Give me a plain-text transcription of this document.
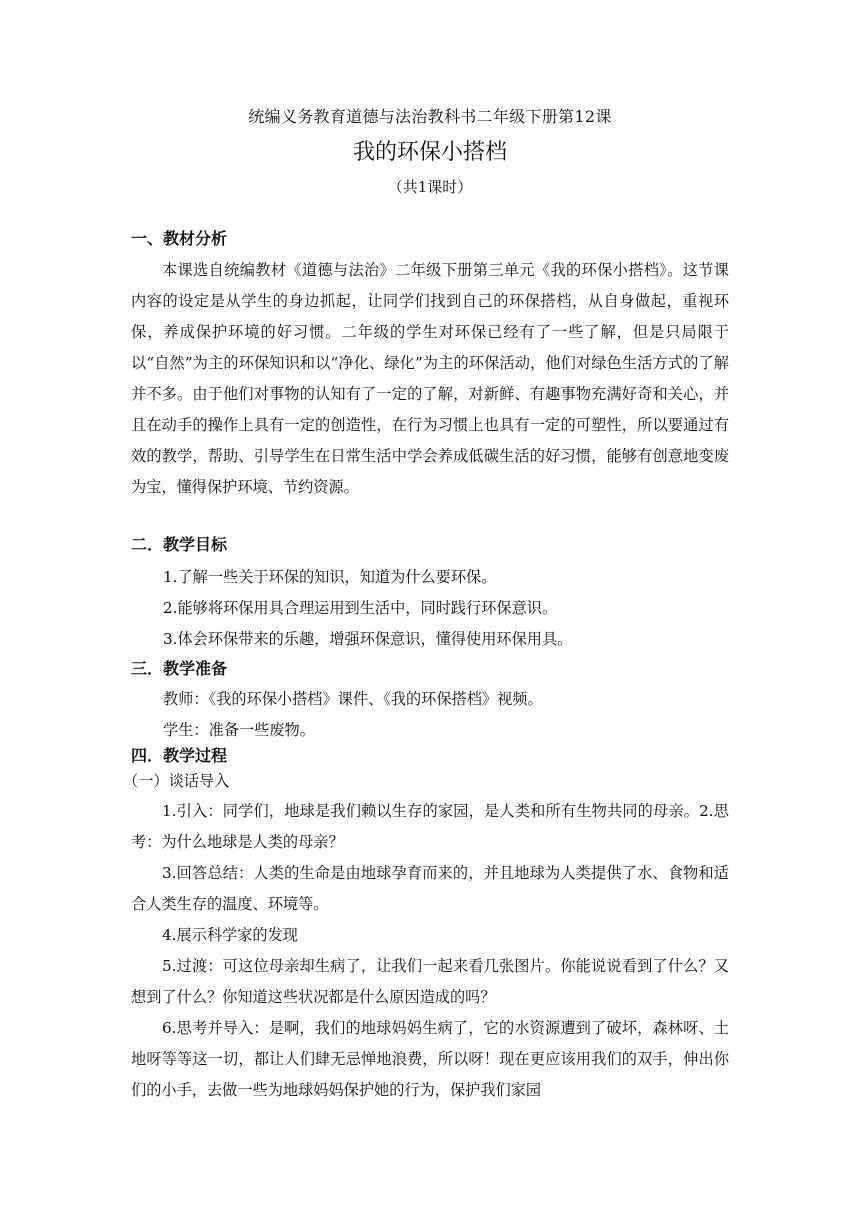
统编义务教育道德与法治教科书二年级下册第12课
我的环保小搭档
（共1课时）
一、教材分析
本课选自统编教材《道德与法治》二年级下册第三单元《我的环保小搭档》。这节课内容的设定是从学生的身边抓起，让同学们找到自己的环保搭档，从自身做起，重视环保，养成保护环境的好习惯。二年级的学生对环保已经有了一些了解，但是只局限于以“自然”为主的环保知识和以“净化、绿化”为主的环保活动，他们对绿色生活方式的了解并不多。由于他们对事物的认知有了一定的了解，对新鲜、有趣事物充满好奇和关心，并且在动手的操作上具有一定的创造性，在行为习惯上也具有一定的可塑性，所以要通过有效的教学，帮助、引导学生在日常生活中学会养成低碳生活的好习惯，能够有创意地变废为宝，懂得保护环境、节约资源。
二．教学目标
1.了解一些关于环保的知识，知道为什么要环保。
2.能够将环保用具合理运用到生活中，同时践行环保意识。
3.体会环保带来的乐趣，增强环保意识，懂得使用环保用具。
三．教学准备
教师：《我的环保小搭档》课件、《我的环保搭档》视频。
学生：准备一些废物。
四．教学过程
（一）谈话导入
1.引入：同学们，地球是我们赖以生存的家园，是人类和所有生物共同的母亲。2.思考：为什么地球是人类的母亲？
3.回答总结：人类的生命是由地球孕育而来的，并且地球为人类提供了水、食物和适合人类生存的温度、环境等。
4.展示科学家的发现
5.过渡：可这位母亲却生病了，让我们一起来看几张图片。你能说说看到了什么？又想到了什么？你知道这些状况都是什么原因造成的吗？
6.思考并导入：是啊，我们的地球妈妈生病了，它的水资源遭到了破坏，森林呀、土地呀等等这一切，都让人们肆无忌惮地浪费，所以呀！现在更应该用我们的双手，伸出你们的小手，去做一些为地球妈妈保护她的行为，保护我们家园
